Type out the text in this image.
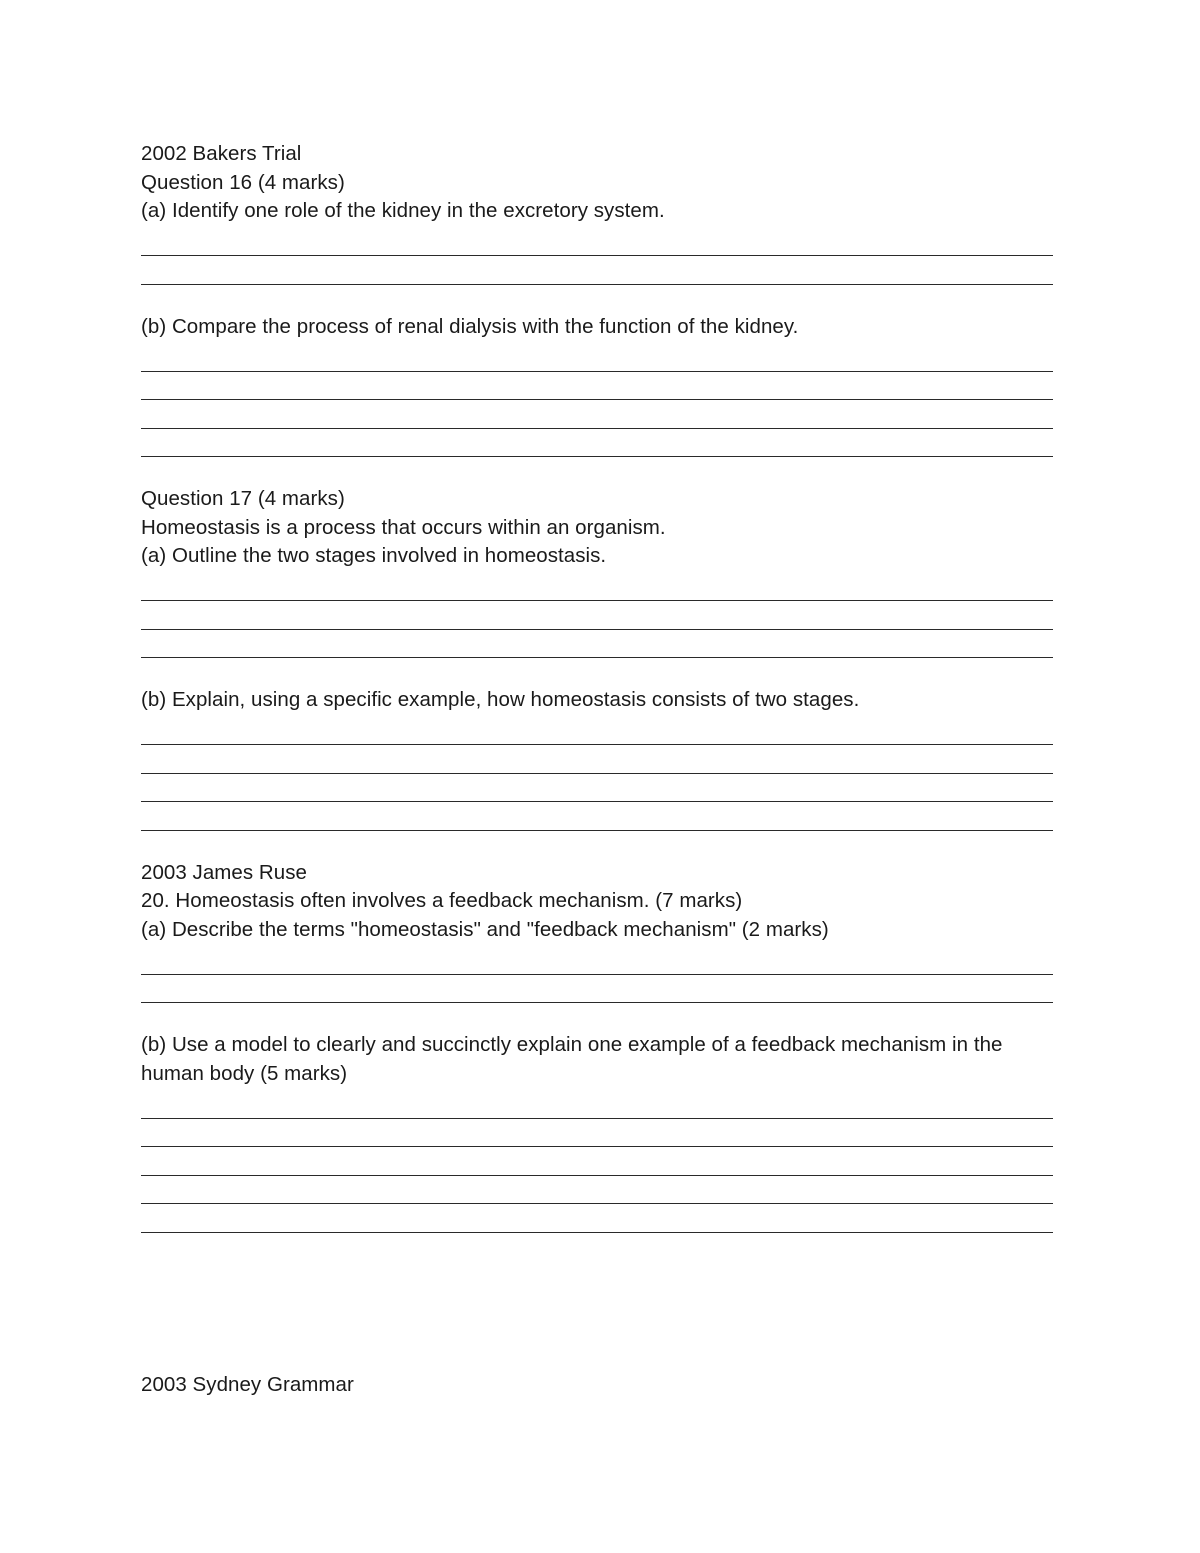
2002 Bakers Trial
Question 16 (4 marks)
(a) Identify one role of the kidney in the excretory system.
(b) Compare the process of renal dialysis with the function of the kidney.
Question 17 (4 marks)
Homeostasis is a process that occurs within an organism.
(a) Outline the two stages involved in homeostasis.
(b) Explain, using a specific example, how homeostasis consists of two stages.
2003 James Ruse
20. Homeostasis often involves a feedback mechanism. (7 marks)
(a) Describe the terms "homeostasis" and "feedback mechanism" (2 marks)
(b) Use a model to clearly and succinctly explain one example of a feedback mechanism in the human body (5 marks)
2003 Sydney Grammar
